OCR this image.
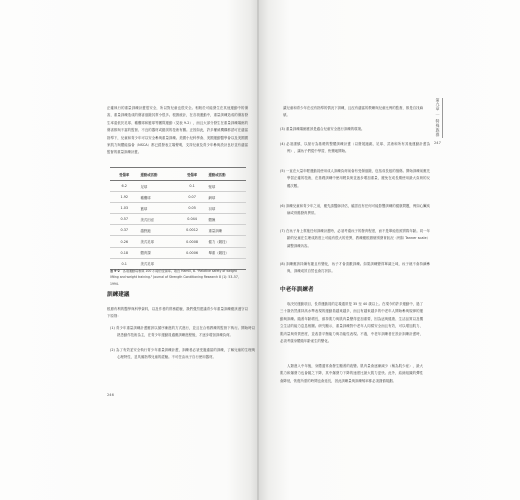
正確執行的重量訓練計畫很安全，所以對兒童也很安全。相較於可能發生在其他運動中的傷害，重量訓練造成的傷害風險其實小很多。根據統計，在各項運動中，重量訓練造成的傷害發生率遠低於足球、橄欖球和籃球等團隊運動（見表 9-2），而且大部分發生在重量訓練場館的傷害都與不當的監督、不良的器材或錯誤的技術有關。正因如此，許多權威機構都認可在適當指導下，兒童和青少年可以安全參與重量訓練。美國小兒科學會、美國運動醫學會以及美國國家肌力與體能協會（NSCA）都已經發表立場聲明，支持兒童及青少年參與設計良好並有適當監督的重量訓練計畫。
受傷率	運動或活動	受傷率	運動或活動
6.2	足球	0.1	壁球
1.92	橄欖球	0.07	網球
1.03	籃球	0.05	羽球
0.57	美式田徑	0.044	體操
0.37	越野跑	0.0012	重量訓練
0.26	美式足球	0.0008	健力（競技）
0.18	體育課	0.0006	舉重（競技）
0.1	美式足球		
表 9-2 各項運動每參與 100 小時的受傷率。取自 Hamill, B. "Relative safety of weight lifting and weight training." Journal of Strength Conditioning Research 8 (1): 53–57, 1994.
訓練建議
根據有利的醫學與科學資料，以及作者的實務經驗，我們強烈建議青少年重量訓練應該遵守以下原則：
(1) 青少年重量訓練計畫應該以循序漸進的方式進行，並且在合格教練的監督下執行。開始時以熟悉動作技術為主，在青少年運動員適應訓練進程後，才逐步增加訓練負荷。
(2) 為了有效並安全執行青少年重量訓練計畫，訓練者必須受過適當的訓練，了解兒童的生理與心理特性，並具備指導兒童的經驗。不可任由孩子自行使用器材。
246
第九章 ｜ 特殊族群
247
讓兒童和青少年在沒有指導的情況下訓練，且沒有適當的教練與兒童比例的監督，都是自找麻煩。
(3) 重量訓練場館應該是適合兒童安全進行訓練的環境。
(4) 必須謹慎，以採行為基礎的整體訓練計畫（以發展跑跳、足球、武術和所有其他運動計畫為例），讓孩子們從中學習，快樂地開始。
(5) 一直在大量年輕運動員使用成人訓練負荷前會有受傷風險，包括成長板的損傷。開始訓練前應先學習正確的技術，在基礎訓練中使用輕負荷並逐步增加重量，避免在成長期使用最大負荷的反覆次數。
(6) 訓練兒童和青少年之前，應先請醫師評估，確認沒有任何可能影響訓練的健康問題，例如心臟疾病或骨骼發育異常。
(7) 在孩子身上實施任何訓練計畫時，必須考慮孩子的發育程度，而不是單純依照實際年齡。同一年齡的兒童在生理成熟度上可能有很大的差異，教練應根據個別發育狀況（例如 Tanner scale）調整訓練內容。
(8) 訓練應該持續有趣且有變化，孩子才會喜歡訓練。如果訓練變得單調乏味，孩子就不會持續參與，訓練成效自然也會打折扣。
中老年訓練者
取決於運動項目，長青運動員的定義通常是 35 至 40 歲以上。在現今的許多運動中，過了三十歲仍然維持高水準表現的運動員越來越多，而且有越來越多的中老年人開始參與規律的運動與訓練。隨著年齡增長，維持肌力與肌肉量變得更加重要，因為這與健康、生活品質以及獨立生活的能力息息相關。研究顯示，重量訓練對中老年人同樣安全而且有效，可以增加肌力、肌肉量與骨質密度，並改善平衡能力與功能性表現。不過，中老年訓練者在設計訓練計畫時，必須考慮身體隨年齡產生的變化。
人類進入中年後，身體通常會發生顯著的改變。肌肉量會逐漸減少（稱為肌少症），最大肌力和爆發力也會隨之下降，其中爆發力下降的速度比最大肌力更快。此外，結締組織的彈性會降低，恢復所需的時間也會延長，因此訓練量與訓練頻率都必須謹慎規劃。
